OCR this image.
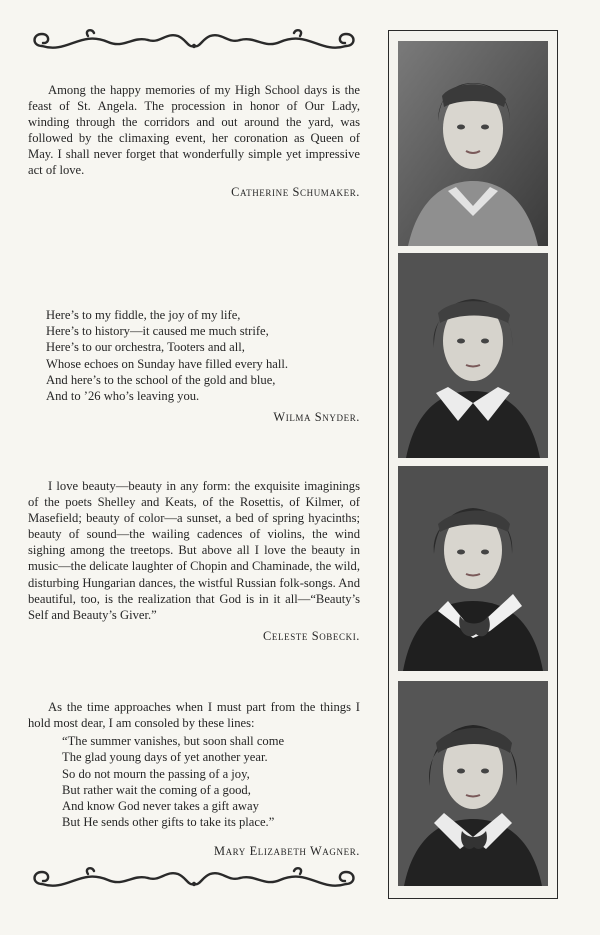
Among the happy memories of my High School days is the feast of St. Angela. The procession in honor of Our Lady, winding through the corridors and out around the yard, was followed by the climaxing event, her coronation as Queen of May. I shall never forget that wonderfully simple yet impressive act of love.

Catherine Schumaker.
Here’s to my fiddle, the joy of my life,
Here’s to history—it caused me much strife,
Here’s to our orchestra, Tooters and all,
Whose echoes on Sunday have filled every hall.
And here’s to the school of the gold and blue,
And to ’26 who’s leaving you.
Wilma Snyder.

I love beauty—beauty in any form: the exquisite imaginings of the poets Shelley and Keats, of the Rosettis, of Kilmer, of Masefield; beauty of color—a sunset, a bed of spring hyacinths; beauty of sound—the wailing cadences of violins, the wind sighing among the treetops. But above all I love the beauty in music—the delicate laughter of Chopin and Chaminade, the wild, disturbing Hungarian dances, the wistful Russian folk-songs. And beautiful, too, is the realization that God is in it all—“Beauty’s Self and Beauty’s Giver.”

Celeste Sobecki.

As the time approaches when I must part from the things I hold most dear, I am consoled by these lines:

“The summer vanishes, but soon shall come
The glad young days of yet another year.
So do not mourn the passing of a joy,
But rather wait the coming of a good,
And know God never takes a gift away
But He sends other gifts to take its place.”
Mary Elizabeth Wagner.
